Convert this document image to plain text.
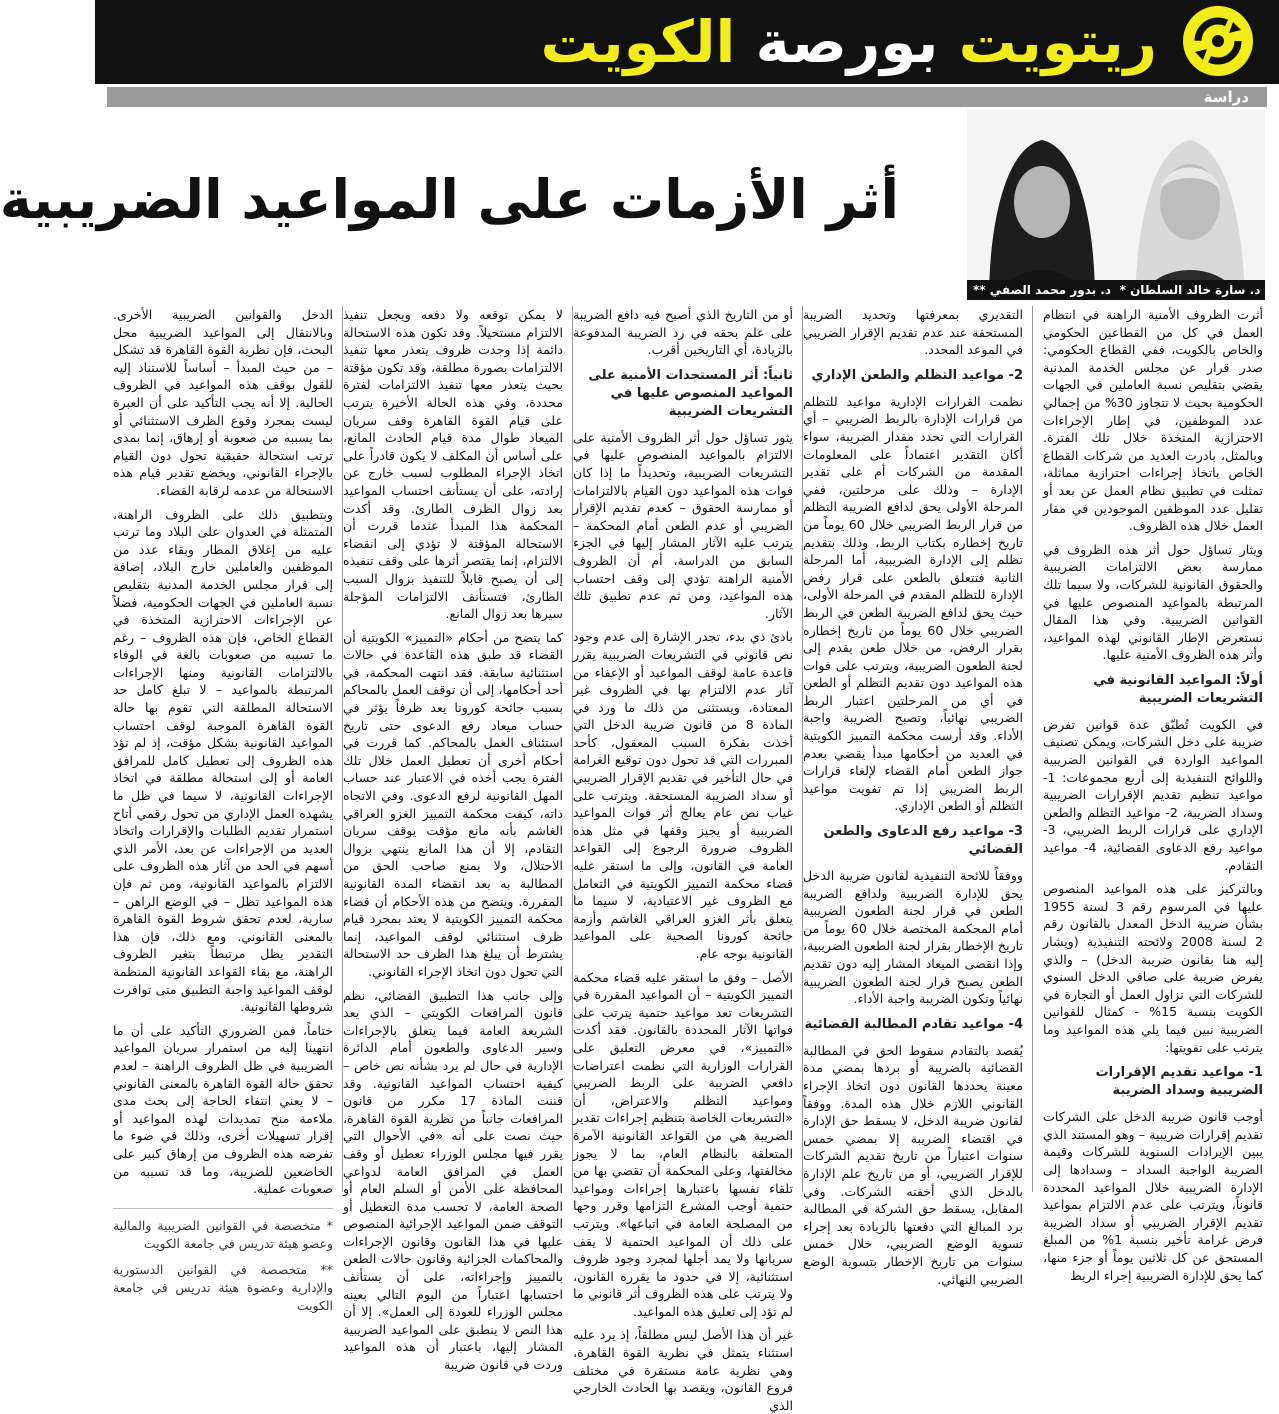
ريتويت بورصة الكويت
دراسة
د. سارة خالد السلطان *
د. بدور محمد الصفي **
أثر الأزمات على المواعيد الضريبية

أثرت الظروف الأمنية الراهنة في انتظام العمل في كل من القطاعين الحكومي والخاص بالكويت، ففي القطاع الحكومي: صدر قرار عن مجلس الخدمة المدنية يقضي بتقليص نسبة العاملين في الجهات الحكومية بحيث لا تتجاوز 30% من إجمالي عدد الموظفين، في إطار الإجراءات الاحترازية المتخذة خلال تلك الفترة. وبالمثل، بادرت العديد من شركات القطاع الخاص باتخاذ إجراءات احترازية مماثلة، تمثلت في تطبيق نظام العمل عن بعد أو تقليل عدد الموظفين الموجودين في مقار العمل خلال هذه الظروف.

ويثار تساؤل حول أثر هذه الظروف في ممارسة بعض الالتزامات الضريبية والحقوق القانونية للشركات، ولا سيما تلك المرتبطة بالمواعيد المنصوص عليها في القوانين الضريبية. وفي هذا المقال نستعرض الإطار القانوني لهذه المواعيد، وأثر هذه الظروف الأمنية عليها.

أولاً: المواعيد القانونية في التشريعات الضريبية

في الكويت تُطبّق عدة قوانين تفرض ضريبة على دخل الشركات، ويمكن تصنيف المواعيد الواردة في القوانين الضريبية واللوائح التنفيذية إلى أربع مجموعات: 1- مواعيد تنظيم تقديم الإقرارات الضريبية وسداد الضريبة، 2- مواعيد التظلم والطعن الإداري على قرارات الربط الضريبي، 3- مواعيد رفع الدعاوى القضائية، 4- مواعيد التقادم.

وبالتركيز على هذه المواعيد المنصوص عليها في المرسوم رقم 3 لسنة 1955 بشأن ضريبة الدخل المعدل بالقانون رقم 2 لسنة 2008 ولائحته التنفيذية (ويشار إليه هنا بقانون ضريبة الدخل) – والذي يفرض ضريبة على صافي الدخل السنوي للشركات التي تزاول العمل أو التجارة في الكويت بنسبة 15% - كمثال للقوانين الضريبية نبين فيما يلي هذه المواعيد وما يترتب على تفويتها:

1- مواعيد تقديم الإقرارات الضريبية وسداد الضريبة

أوجب قانون ضريبة الدخل على الشركات تقديم إقرارات ضريبية – وهو المستند الذي يبين الإيرادات السنوية للشركات وقيمة الضريبة الواجبة السداد – وسدادها إلى الإدارة الضريبية خلال المواعيد المحددة قانوناً، ويترتب على عدم الالتزام بمواعيد تقديم الإقرار الضريبي أو سداد الضريبة فرض غرامة تأخير بنسبة 1% من المبلغ المستحق عن كل ثلاثين يوماً أو جزء منها، كما يحق للإدارة الضريبية إجراء الربط

التقديري بمعرفتها وتحديد الضريبة المستحقة عند عدم تقديم الإقرار الضريبي في الموعد المحدد.

2- مواعيد التظلم والطعن الإداري

نظمت القرارات الإدارية مواعيد للتظلم من قرارات الإدارة بالربط الضريبي – أي القرارات التي تحدد مقدار الضريبة، سواء أكان التقدير اعتماداً على المعلومات المقدمة من الشركات أم على تقدير الإدارة – وذلك على مرحلتين، ففي المرحلة الأولى يحق لدافع الضريبة التظلم من قرار الربط الضريبي خلال 60 يوماً من تاريخ إخطاره بكتاب الربط، وذلك بتقديم تظلم إلى الإدارة الضريبية، أما المرحلة الثانية فتتعلق بالطعن على قرار رفض الإدارة للتظلم المقدم في المرحلة الأولى، حيث يحق لدافع الضريبة الطعن في الربط الضريبي خلال 60 يوماً من تاريخ إخطاره بقرار الرفض، من خلال طعن يقدم إلى لجنة الطعون الضريبية، ويترتب على فوات هذه المواعيد دون تقديم التظلم أو الطعن في أي من المرحلتين اعتبار الربط الضريبي نهائياً، وتصبح الضريبة واجبة الأداء. وقد أرست محكمة التمييز الكويتية في العديد من أحكامها مبدأ يقضي بعدم جواز الطعن أمام القضاء لإلغاء قرارات الربط الضريبي إذا تم تفويت مواعيد التظلم أو الطعن الإداري.

3- مواعيد رفع الدعاوى والطعن القضائي

ووفقاً للائحة التنفيذية لقانون ضريبة الدخل يحق للإدارة الضريبية ولدافع الضريبة الطعن في قرار لجنة الطعون الضريبية أمام المحكمة المختصة خلال 60 يوماً من تاريخ الإخطار بقرار لجنة الطعون الضريبية، وإذا انقضى الميعاد المشار إليه دون تقديم الطعن يصبح قرار لجنة الطعون الضريبية نهائياً وتكون الضريبة واجبة الأداء.

4- مواعيد تقادم المطالبة القضائية

يُقصد بالتقادم سقوط الحق في المطالبة القضائية بالضريبة أو بردها بمضي مدة معينة يحددها القانون دون اتخاذ الإجراء القانوني اللازم خلال هذه المدة. ووفقاً لقانون ضريبة الدخل، لا يسقط حق الإدارة في اقتضاء الضريبة إلا بمضي خمس سنوات اعتباراً من تاريخ تقديم الشركات للإقرار الضريبي، أو من تاريخ علم الإدارة بالدخل الذي أخفته الشركات. وفي المقابل، يسقط حق الشركة في المطالبة برد المبالغ التي دفعتها بالزيادة بعد إجراء تسوية الوضع الضريبي، خلال خمس سنوات من تاريخ الإخطار بتسوية الوضع الضريبي النهائي.

أو من التاريخ الذي أصبح فيه دافع الضريبة على علم بحقه في رد الضريبة المدفوعة بالزيادة، أي التاريخين أقرب.

ثانياً: أثر المستجدات الأمنية على المواعيد المنصوص عليها في التشريعات الضريبية

يثور تساؤل حول أثر الظروف الأمنية على الالتزام بالمواعيد المنصوص عليها في التشريعات الضريبية، وتحديداً ما إذا كان فوات هذه المواعيد دون القيام بالالتزامات أو ممارسة الحقوق – كعدم تقديم الإقرار الضريبي أو عدم الطعن أمام المحكمة – يترتب عليه الآثار المشار إليها في الجزء السابق من الدراسة، أم أن الظروف الأمنية الراهنة تؤدي إلى وقف احتساب هذه المواعيد، ومن ثم عدم تطبيق تلك الآثار.

بادئ ذي بدء، تجدر الإشارة إلى عدم وجود نص قانوني في التشريعات الضريبية يقرر قاعدة عامة لوقف المواعيد أو الإعفاء من آثار عدم الالتزام بها في الظروف غير المعتادة، ويستثنى من ذلك ما ورد في المادة 8 من قانون ضريبة الدخل التي أخذت بفكرة السبب المعقول، كأحد المبررات التي قد تحول دون توقيع الغرامة في حال التأخير في تقديم الإقرار الضريبي أو سداد الضريبة المستحقة. ويترتب على غياب نص عام يعالج أثر فوات المواعيد الضريبية أو يجيز وقفها في مثل هذه الظروف ضرورة الرجوع إلى القواعد العامة في القانون، وإلى ما استقر عليه قضاء محكمة التمييز الكويتية في التعامل مع الظروف غير الاعتيادية، لا سيما ما يتعلق بأثر الغزو العراقي الغاشم وأزمة جائحة كورونا الصحية على المواعيد القانونية بوجه عام.

الأصل – وفق ما استقر عليه قضاء محكمة التمييز الكويتية – أن المواعيد المقررة في التشريعات تعد مواعيد حتمية يترتب على فواتها الآثار المحددة بالقانون. فقد أكدت «التمييز»، في معرض التعليق على القرارات الوزارية التي نظمت اعتراضات دافعي الضريبة على الربط الضريبي ومواعيد التظلم والاعتراض، أن «التشريعات الخاصة بتنظيم إجراءات تقدير الضريبة هي من القواعد القانونية الآمرة المتعلقة بالنظام العام، بما لا يجوز مخالفتها، وعلى المحكمة أن تقضي بها من تلقاء نفسها باعتبارها إجراءات ومواعيد حتمية أوجب المشرع التزامها وقرر وجها من المصلحة العامة في اتباعها». ويترتب على ذلك أن المواعيد الحتمية لا يقف سريانها ولا يمد أجلها لمجرد وجود ظروف استثنائية، إلا في حدود ما يقرره القانون، ولا يترتب على هذه الظروف أثر قانوني ما لم تؤد إلى تعليق هذه المواعيد.

غير أن هذا الأصل ليس مطلقاً، إذ يرد عليه استثناء يتمثل في نظرية القوة القاهرة، وهي نظرية عامة مستقرة في مختلف فروع القانون، ويقصد بها الحادث الخارجي الذي

لا يمكن توقعه ولا دفعه ويجعل تنفيذ الالتزام مستحيلاً. وقد تكون هذه الاستحالة دائمة إذا وجدت ظروف يتعذر معها تنفيذ الالتزامات بصورة مطلقة، وقد تكون مؤقتة بحيث يتعذر معها تنفيذ الالتزامات لفترة محددة، وفي هذه الحالة الأخيرة يترتب على قيام القوة القاهرة وقف سريان الميعاد طوال مدة قيام الحادث المانع، على أساس أن المكلف لا يكون قادراً على اتخاذ الإجراء المطلوب لسبب خارج عن إرادته، على أن يستأنف احتساب المواعيد بعد زوال الظرف الطارئ. وقد أكدت المحكمة هذا المبدأ عندما قررت أن الاستحالة المؤقتة لا تؤدي إلى انقضاء الالتزام، إنما يقتصر أثرها على وقف تنفيذه إلى أن يصبح قابلاً للتنفيذ بزوال السبب الطارئ، فتستأنف الالتزامات المؤجلة سيرها بعد زوال المانع.

كما يتضح من أحكام «التمييز» الكويتية أن القضاء قد طبق هذه القاعدة في حالات استثنائية سابقة. فقد انتهت المحكمة، في أحد أحكامها، إلى أن توقف العمل بالمحاكم بسبب جائحة كورونا يعد ظرفاً يؤثر في حساب ميعاد رفع الدعوى حتى تاريخ استئناف العمل بالمحاكم. كما قررت في أحكام أخرى أن تعطيل العمل خلال تلك الفترة يجب أخذه في الاعتبار عند حساب المهل القانونية لرفع الدعوى. وفي الاتجاه ذاته، كيفت محكمة التمييز الغزو العراقي الغاشم بأنه مانع مؤقت يوقف سريان التقادم، إلا أن هذا المانع ينتهي بزوال الاحتلال، ولا يمنع صاحب الحق من المطالبة به بعد انقضاء المدة القانونية المقررة. ويتضح من هذه الأحكام أن قضاء محكمة التمييز الكويتية لا يعتد بمجرد قيام ظرف استثنائي لوقف المواعيد، إنما يشترط أن يبلغ هذا الظرف حد الاستحالة التي تحول دون اتخاذ الإجراء القانوني.

وإلى جانب هذا التطبيق القضائي، نظم قانون المرافعات الكويتي – الذي يعد الشريعة العامة فيما يتعلق بالإجراءات وسير الدعاوى والطعون أمام الدائرة الإدارية في حال لم يرد بشأنه نص خاص – كيفية احتساب المواعيد القانونية. وقد قننت المادة 17 مكرر من قانون المرافعات جانباً من نظرية القوة القاهرة، حيث نصت على أنه «في الأحوال التي يقرر فيها مجلس الوزراء تعطيل أو وقف العمل في المرافق العامة لدواعي المحافظة على الأمن أو السلم العام أو الصحة العامة، لا تحسب مدة التعطيل أو التوقف ضمن المواعيد الإجرائية المنصوص عليها في هذا القانون وقانون الإجراءات والمحاكمات الجزائية وقانون حالات الطعن بالتمييز وإجراءاته، على أن يستأنف احتسابها اعتباراً من اليوم التالي بعينه مجلس الوزراء للعودة إلى العمل». إلا أن هذا النص لا ينطبق على المواعيد الضريبية المشار إليها، باعتبار أن هذه المواعيد وردت في قانون ضريبة

الدخل والقوانين الضريبية الأخرى. وبالانتقال إلى المواعيد الضريبية محل البحث، فإن نظرية القوة القاهرة قد تشكل – من حيث المبدأ – أساساً للاستناد إليه للقول بوقف هذه المواعيد في الظروف الحالية. إلا أنه يجب التأكيد على أن العبرة ليست بمجرد وقوع الظرف الاستثنائي أو بما يسببه من صعوبة أو إرهاق، إنما بمدى ترتب استحالة حقيقية تحول دون القيام بالإجراء القانوني، ويخضع تقدير قيام هذه الاستحالة من عدمه لرقابة القضاء.

وبتطبيق ذلك على الظروف الراهنة، المتمثلة في العدوان على البلاد وما ترتب عليه من إغلاق المطار وبقاء عدد من الموظفين والعاملين خارج البلاد، إضافة إلى قرار مجلس الخدمة المدنية بتقليص نسبة العاملين في الجهات الحكومية، فضلاً عن الإجراءات الاحترازية المتخذة في القطاع الخاص، فإن هذه الظروف – رغم ما تسببه من صعوبات بالغة في الوفاء بالالتزامات القانونية ومنها الإجراءات المرتبطة بالمواعيد – لا تبلغ كامل حد الاستحالة المطلقة التي تقوم بها حالة القوة القاهرة الموجبة لوقف احتساب المواعيد القانونية بشكل مؤقت، إذ لم تؤد هذه الظروف إلى تعطيل كامل للمرافق العامة أو إلى استحالة مطلقة في اتخاذ الإجراءات القانونية، لا سيما في ظل ما يشهده العمل الإداري من تحول رقمي أتاح استمرار تقديم الطلبات والإقرارات واتخاذ العديد من الإجراءات عن بعد، الأمر الذي أسهم في الحد من آثار هذه الظروف على الالتزام بالمواعيد القانونية، ومن ثم فإن هذه المواعيد تظل – في الوضع الراهن – سارية، لعدم تحقق شروط القوة القاهرة بالمعنى القانوني. ومع ذلك، فإن هذا التقدير يظل مرتبطاً بتغير الظروف الراهنة، مع بقاء القواعد القانونية المنظمة لوقف المواعيد واجبة التطبيق متى توافرت شروطها القانونية.

ختاماً، فمن الضروري التأكيد على أن ما انتهينا إليه من استمرار سريان المواعيد الضريبية في ظل الظروف الراهنة – لعدم تحقق حالة القوة القاهرة بالمعنى القانوني – لا يعني انتفاء الحاجة إلى بحث مدى ملاءمة منح تمديدات لهذه المواعيد أو إقرار تسهيلات أخرى، وذلك في ضوء ما تفرضه هذه الظروف من إرهاق كبير على الخاضعين للضريبة، وما قد تسببه من صعوبات عملية.

* متخصصة في القوانين الضريبية والمالية وعضو هيئة تدريس في جامعة الكويت

** متخصصة في القوانين الدستورية والإدارية وعضوة هيئة تدريس في جامعة الكويت
